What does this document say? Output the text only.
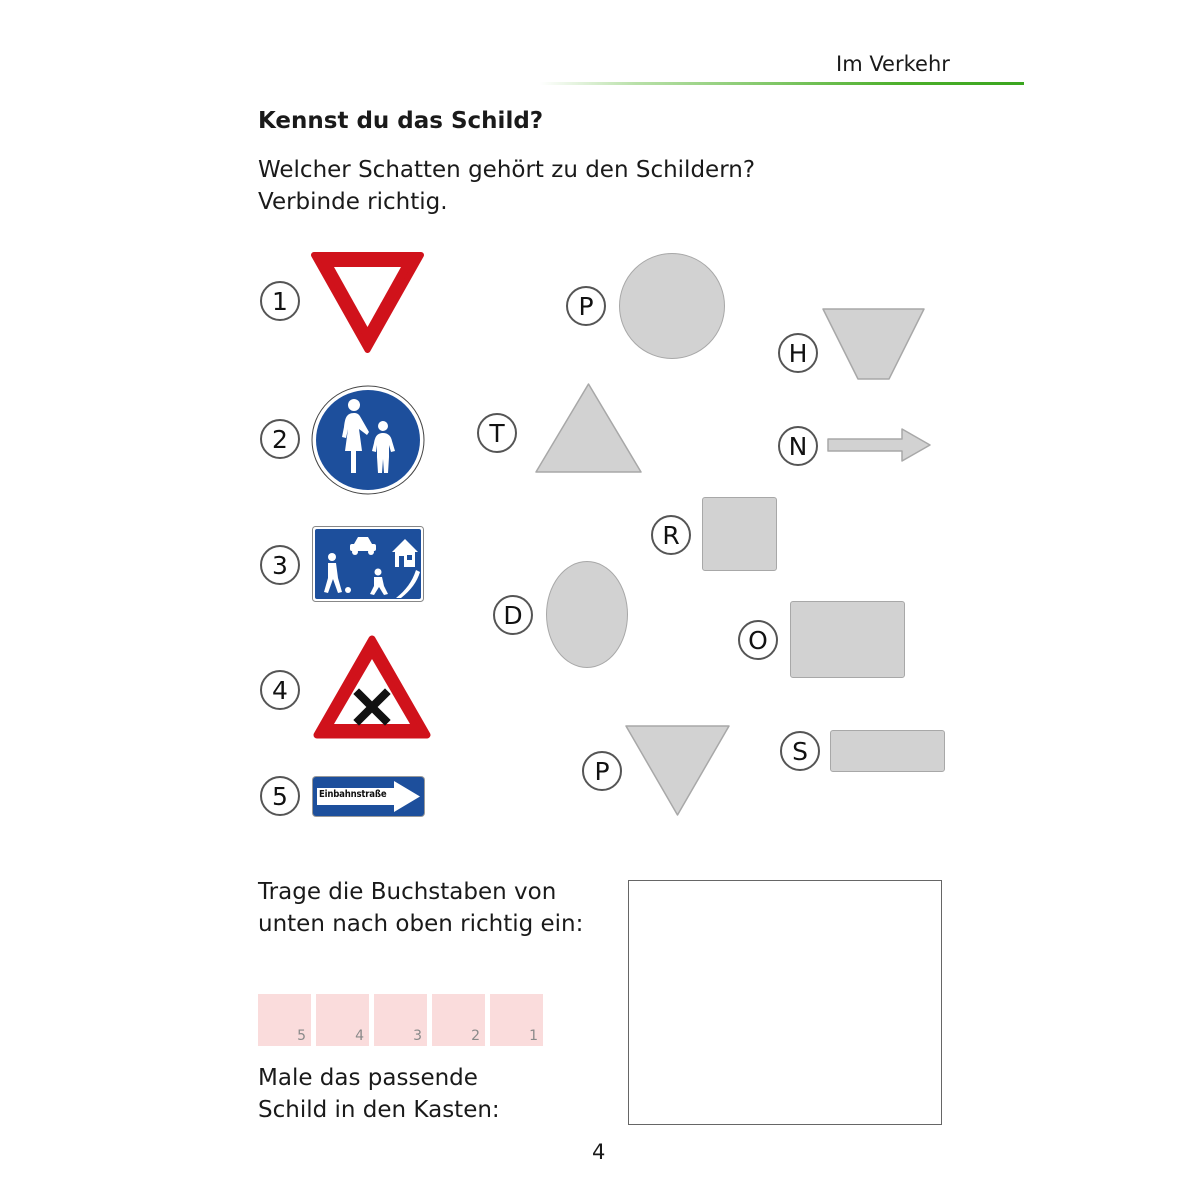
Im Verkehr
Kennst du das Schild?

Welcher Schatten gehört zu den Schildern?

Verbinde richtig.

1
2
3
4
5	Einbahnstraße
P
H
T	N
R
D
O
P
S

Trage die Buchstaben von

unten nach oben richtig ein:

5	4	3	2	1

Male das passende

Schild in den Kasten:

4
